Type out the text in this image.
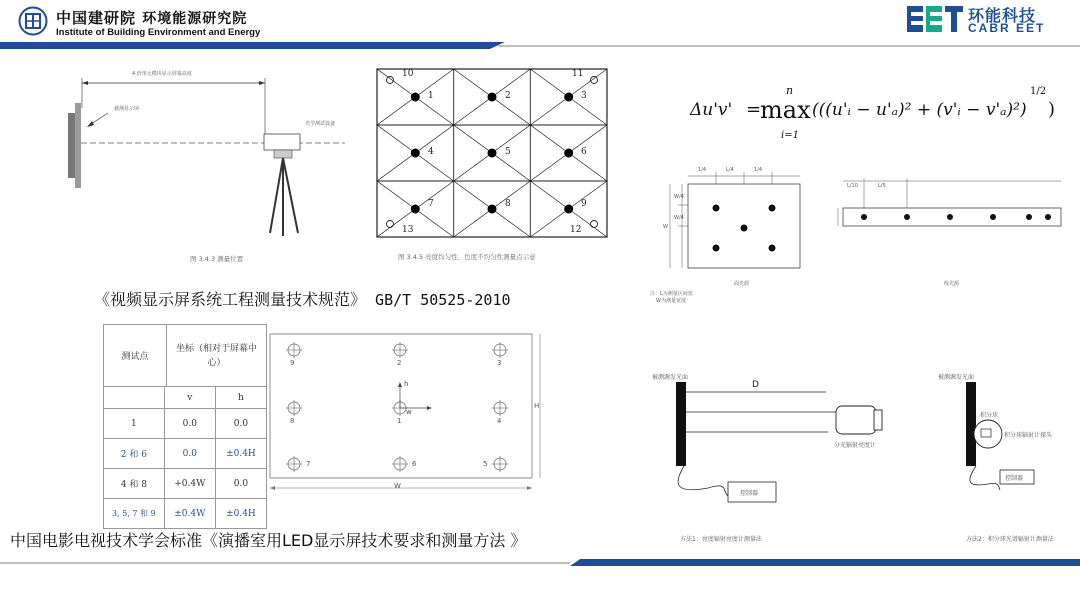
中国建研院 环境能源研究院
Institute of Building Environment and Energy
环能科技
CABR EET
4 倍单元模块显示屏幕高度
被测显示屏
光学测试设备
图 3.4.3 测量位置
1	2	3
4	5	6
7	8	9
10	11
12
13
图 3.4.5 亮度均匀性、色度不均匀性测量点示意
Δu'v' =
n
max
i=1
(((u'ᵢ − u'ₐ)² + (v'ᵢ − v'ₐ)²)
1/2
)
1/4	L/4	1/4
W/4
W/4
W
L/10	L/5
面光源	线光源
注：L为测量区间宽
W为测量宽度
《视频显示屏系统工程测量技术规范》 GB/T 50525-2010
测试点	坐标（相对于屏幕中心）
	v	h
1	0.0	0.0
2 和 6	0.0	±0.4H
4 和 8	+0.4W	0.0
3, 5, 7 和 9	±0.4W	±0.4H
9	2	3
8	1	4
7	6	5
h
w
H
W
被测源发光面
D
分光辐射亮度计
控制器
被测源发光面
积分球
积分球辐射计探头
控制器
方法1：亮度辐射亮度计测量法	方法2：积分球光谱辐射计测量法
中国电影电视技术学会标准《演播室用LED显示屏技术要求和测量方法 》
